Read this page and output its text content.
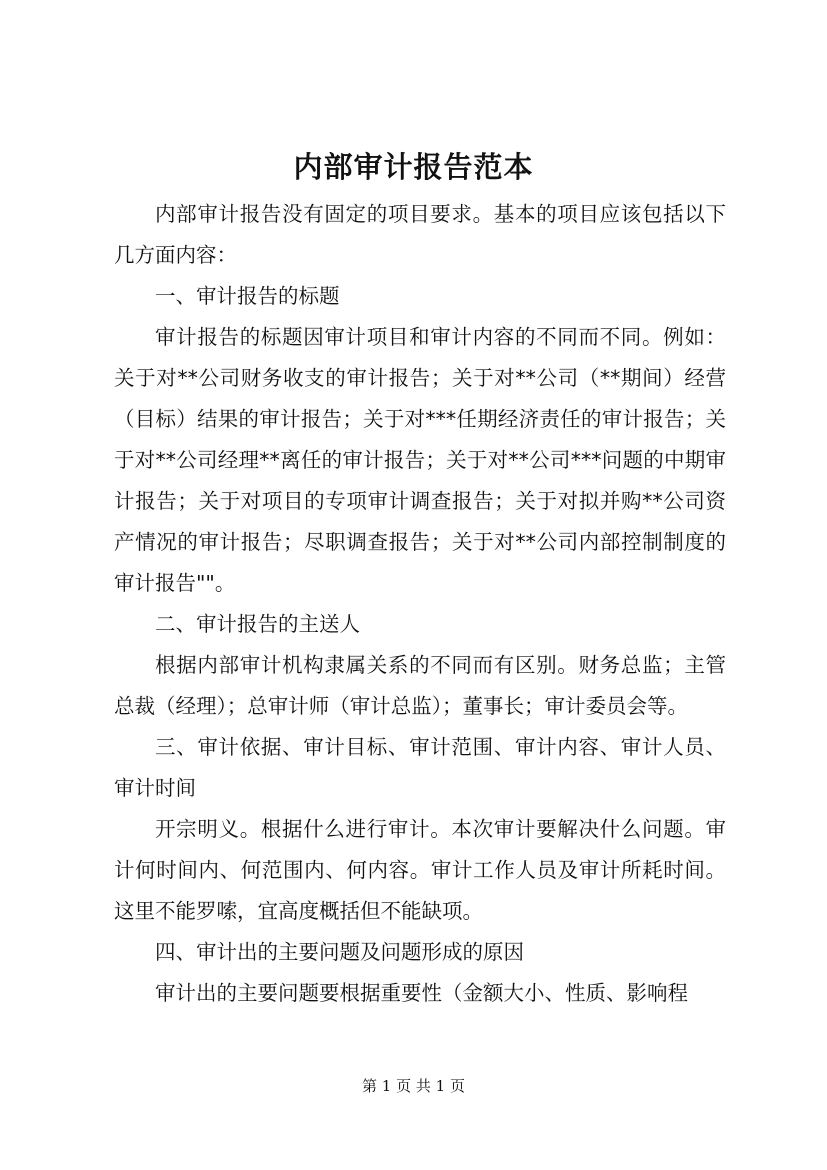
内部审计报告范本

内部审计报告没有固定的项目要求。基本的项目应该包括以下几方面内容：

一、审计报告的标题

审计报告的标题因审计项目和审计内容的不同而不同。例如：关于对**公司财务收支的审计报告；关于对**公司（**期间）经营（目标）结果的审计报告；关于对***任期经济责任的审计报告；关于对**公司经理**离任的审计报告；关于对**公司***问题的中期审计报告；关于对项目的专项审计调查报告；关于对拟并购**公司资产情况的审计报告；尽职调查报告；关于对**公司内部控制制度的审计报告""。

二、审计报告的主送人

根据内部审计机构隶属关系的不同而有区别。财务总监；主管总裁（经理）；总审计师（审计总监）；董事长；审计委员会等。

三、审计依据、审计目标、审计范围、审计内容、审计人员、审计时间

开宗明义。根据什么进行审计。本次审计要解决什么问题。审计何时间内、何范围内、何内容。审计工作人员及审计所耗时间。这里不能罗嗦，宜高度概括但不能缺项。

四、审计出的主要问题及问题形成的原因

审计出的主要问题要根据重要性（金额大小、性质、影响程

第 1 页 共 1 页
